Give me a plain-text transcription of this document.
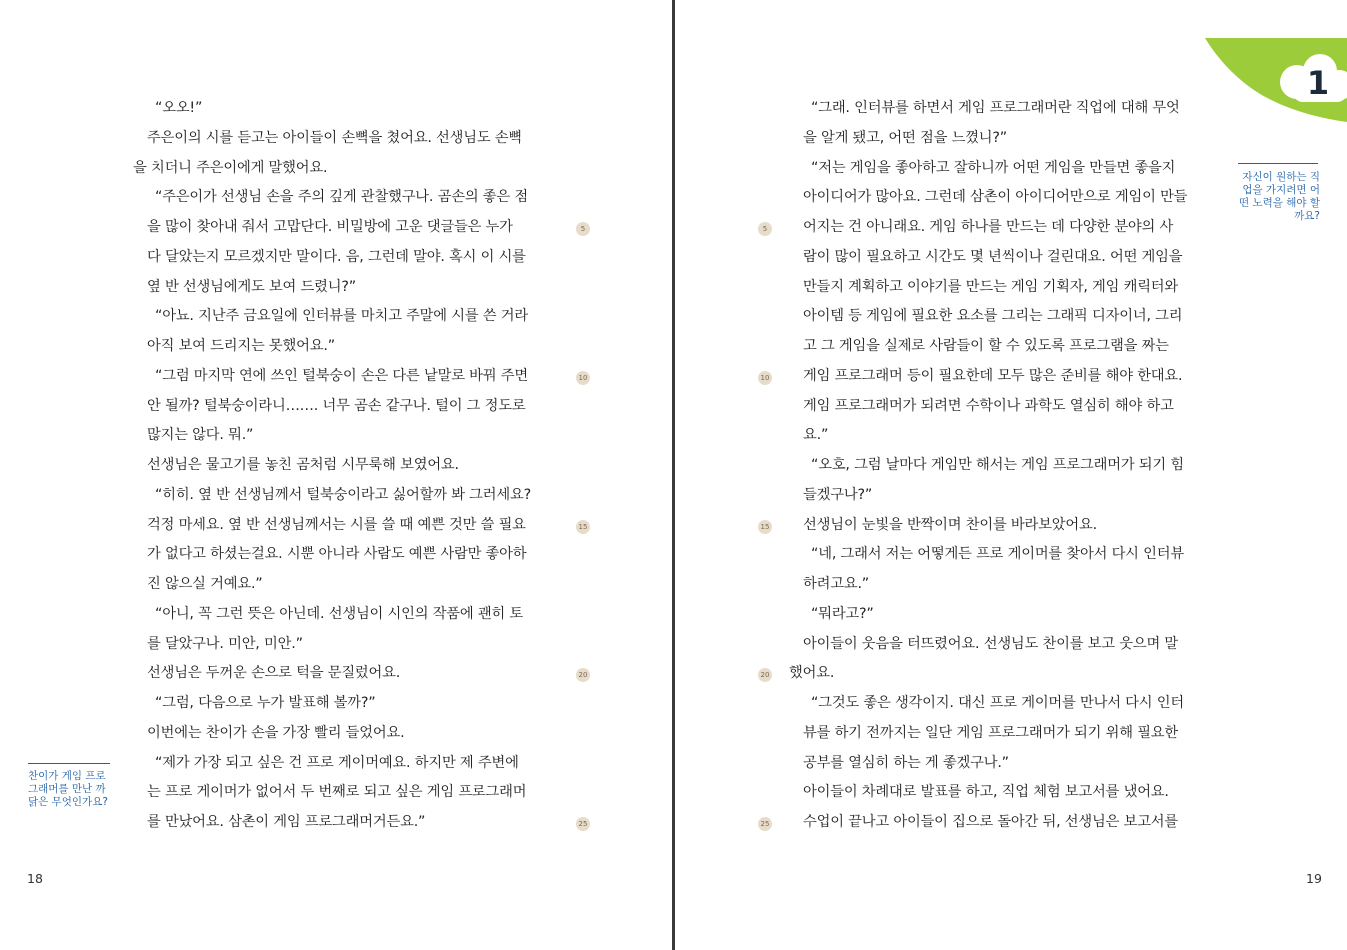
“오오!”
주은이의 시를 듣고는 아이들이 손뼉을 쳤어요. 선생님도 손뼉
을 치더니 주은이에게 말했어요.
“주은이가 선생님 손을 주의 깊게 관찰했구나. 곰손의 좋은 점
을 많이 찾아내 줘서 고맙단다. 비밀방에 고운 댓글들은 누가
다 달았는지 모르겠지만 말이다. 음, 그런데 말야. 혹시 이 시를
옆 반 선생님에게도 보여 드렸니?”
“아뇨. 지난주 금요일에 인터뷰를 마치고 주말에 시를 쓴 거라
아직 보여 드리지는 못했어요.”
“그럼 마지막 연에 쓰인 털북숭이 손은 다른 낱말로 바꿔 주면
안 될까? 털북숭이라니……. 너무 곰손 같구나. 털이 그 정도로
많지는 않다. 뭐.”
선생님은 물고기를 놓친 곰처럼 시무룩해 보였어요.
“히히. 옆 반 선생님께서 털북숭이라고 싫어할까 봐 그러세요?
걱정 마세요. 옆 반 선생님께서는 시를 쓸 때 예쁜 것만 쓸 필요
가 없다고 하셨는걸요. 시뿐 아니라 사람도 예쁜 사람만 좋아하
진 않으실 거예요.”
“아니, 꼭 그런 뜻은 아닌데. 선생님이 시인의 작품에 괜히 토
를 달았구나. 미안, 미안.”
선생님은 두꺼운 손으로 턱을 문질렀어요.
“그럼, 다음으로 누가 발표해 볼까?”
이번에는 찬이가 손을 가장 빨리 들었어요.
“제가 가장 되고 싶은 건 프로 게이머예요. 하지만 제 주변에
는 프로 게이머가 없어서 두 번째로 되고 싶은 게임 프로그래머
를 만났어요. 삼촌이 게임 프로그래머거든요.”
5
10
15
20
25
찬이가 게임 프로그래머를 만난 까닭은 무엇인가요?
18
“그래. 인터뷰를 하면서 게임 프로그래머란 직업에 대해 무엇
을 알게 됐고, 어떤 점을 느꼈니?”
“저는 게임을 좋아하고 잘하니까 어떤 게임을 만들면 좋을지
아이디어가 많아요. 그런데 삼촌이 아이디어만으로 게임이 만들
어지는 건 아니래요. 게임 하나를 만드는 데 다양한 분야의 사
람이 많이 필요하고 시간도 몇 년씩이나 걸린대요. 어떤 게임을
만들지 계획하고 이야기를 만드는 게임 기획자, 게임 캐릭터와
아이템 등 게임에 필요한 요소를 그리는 그래픽 디자이너, 그리
고 그 게임을 실제로 사람들이 할 수 있도록 프로그램을 짜는
게임 프로그래머 등이 필요한데 모두 많은 준비를 해야 한대요.
게임 프로그래머가 되려면 수학이나 과학도 열심히 해야 하고
요.”
“오호, 그럼 날마다 게임만 해서는 게임 프로그래머가 되기 힘
들겠구나?”
선생님이 눈빛을 반짝이며 찬이를 바라보았어요.
“네, 그래서 저는 어떻게든 프로 게이머를 찾아서 다시 인터뷰
하려고요.”
“뭐라고?”
아이들이 웃음을 터뜨렸어요. 선생님도 찬이를 보고 웃으며 말
했어요.
“그것도 좋은 생각이지. 대신 프로 게이머를 만나서 다시 인터
뷰를 하기 전까지는 일단 게임 프로그래머가 되기 위해 필요한
공부를 열심히 하는 게 좋겠구나.”
아이들이 차례대로 발표를 하고, 직업 체험 보고서를 냈어요.
수업이 끝나고 아이들이 집으로 돌아간 뒤, 선생님은 보고서를
5
10
15
20
25
자신이 원하는 직업을 가지려면 어떤 노력을 해야 할까요?
19
1
